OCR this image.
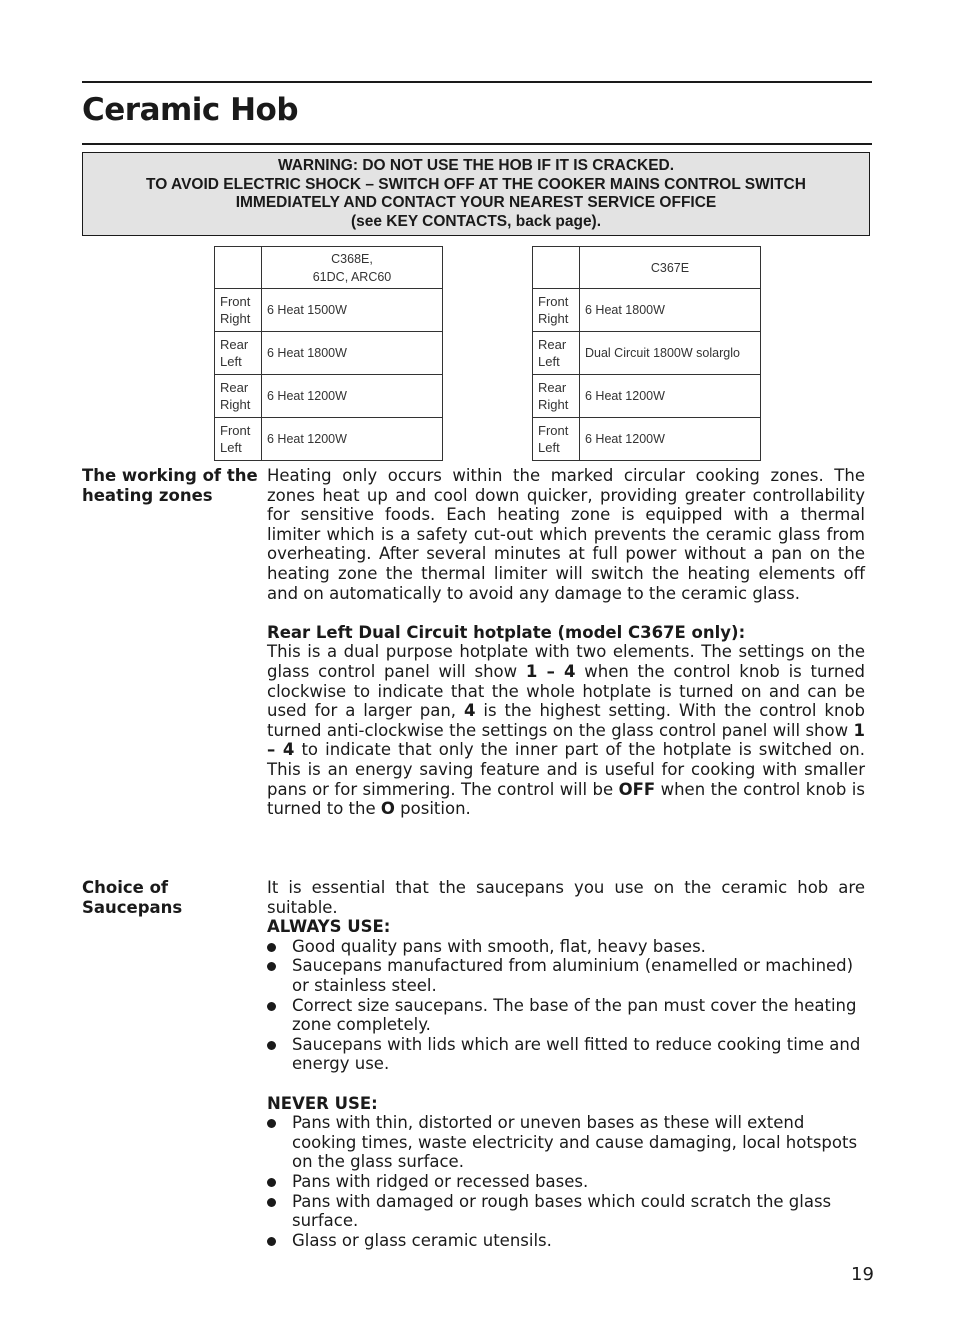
Ceramic Hob
WARNING: DO NOT USE THE HOB IF IT IS CRACKED.
TO AVOID ELECTRIC SHOCK – SWITCH OFF AT THE COOKER MAINS CONTROL SWITCH
IMMEDIATELY AND CONTACT YOUR NEAREST SERVICE OFFICE
(see KEY CONTACTS, back page).

	C368E,
61DC, ARC60

Front
Right	6 Heat 1500W

Rear
Left	6 Heat 1800W

Rear
Right	6 Heat 1200W

Front
Left	6 Heat 1200W
	C367E

Front
Right	6 Heat 1800W

Rear
Left	Dual Circuit 1800W solarglo

Rear
Right	6 Heat 1200W

Front
Left	6 Heat 1200W
The working of the
heating zones

Heating only occurs within the marked circular cooking zones. The zones heat up and cool down quicker, providing greater controllability for sensitive foods. Each heating zone is equipped with a thermal limiter which is a safety cut-out which prevents the ceramic glass from overheating. After several minutes at full power without a pan on the heating zone the thermal limiter will switch the heating elements off and on automatically to avoid any damage to the ceramic glass.

Rear Left Dual Circuit hotplate (model C367E only):

This is a dual purpose hotplate with two elements. The settings on the glass control panel will show 1 – 4 when the control knob is turned clockwise to indicate that the whole hotplate is turned on and can be used for a larger pan, 4 is the highest setting. With the control knob turned anti-clockwise the settings on the glass control panel will show 1 – 4 to indicate that only the inner part of the hotplate is switched on. This is an energy saving feature and is useful for cooking with smaller pans or for simmering. The control will be OFF when the control knob is turned to the O position.

Choice of
Saucepans

It is essential that the saucepans you use on the ceramic hob are suitable.

ALWAYS USE:

Good quality pans with smooth, flat, heavy bases.
Saucepans manufactured from aluminium (enamelled or machined) or stainless steel.
Correct size saucepans. The base of the pan must cover the heating zone completely.
Saucepans with lids which are well fitted to reduce cooking time and energy use.

NEVER USE:

Pans with thin, distorted or uneven bases as these will extend cooking times, waste electricity and cause damaging, local hotspots on the glass surface.
Pans with ridged or recessed bases.
Pans with damaged or rough bases which could scratch the glass surface.
Glass or glass ceramic utensils.
19
